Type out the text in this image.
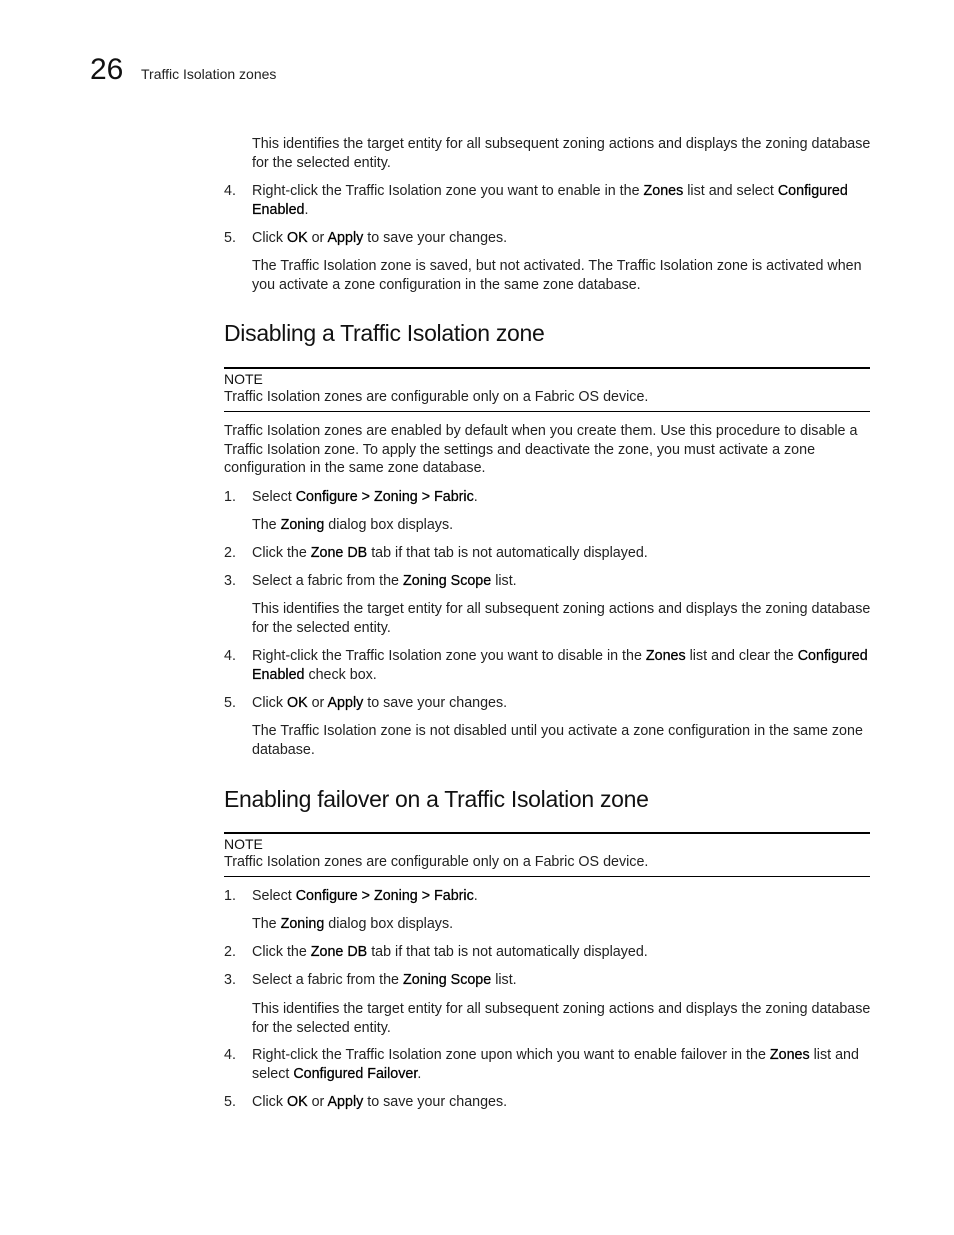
26 Traffic Isolation zones

This identifies the target entity for all subsequent zoning actions and displays the zoning database for the selected entity.

4.	Right-click the Traffic Isolation zone you want to enable in the Zones list and select Configured Enabled.

5.	Click OK or Apply to save your changes.

The Traffic Isolation zone is saved, but not activated. The Traffic Isolation zone is activated when you activate a zone configuration in the same zone database.

Disabling a Traffic Isolation zone
NOTE

Traffic Isolation zones are configurable only on a Fabric OS device.

Traffic Isolation zones are enabled by default when you create them. Use this procedure to disable a Traffic Isolation zone. To apply the settings and deactivate the zone, you must activate a zone configuration in the same zone database.

1.	Select Configure > Zoning > Fabric.

The Zoning dialog box displays.

2.	Click the Zone DB tab if that tab is not automatically displayed.

3.	Select a fabric from the Zoning Scope list.

This identifies the target entity for all subsequent zoning actions and displays the zoning database for the selected entity.

4.	Right-click the Traffic Isolation zone you want to disable in the Zones list and clear the Configured Enabled check box.

5.	Click OK or Apply to save your changes.

The Traffic Isolation zone is not disabled until you activate a zone configuration in the same zone database.

Enabling failover on a Traffic Isolation zone
NOTE

Traffic Isolation zones are configurable only on a Fabric OS device.

1.	Select Configure > Zoning > Fabric.

The Zoning dialog box displays.

2.	Click the Zone DB tab if that tab is not automatically displayed.

3.	Select a fabric from the Zoning Scope list.

This identifies the target entity for all subsequent zoning actions and displays the zoning database for the selected entity.

4.	Right-click the Traffic Isolation zone upon which you want to enable failover in the Zones list and select Configured Failover.

5.	Click OK or Apply to save your changes.
